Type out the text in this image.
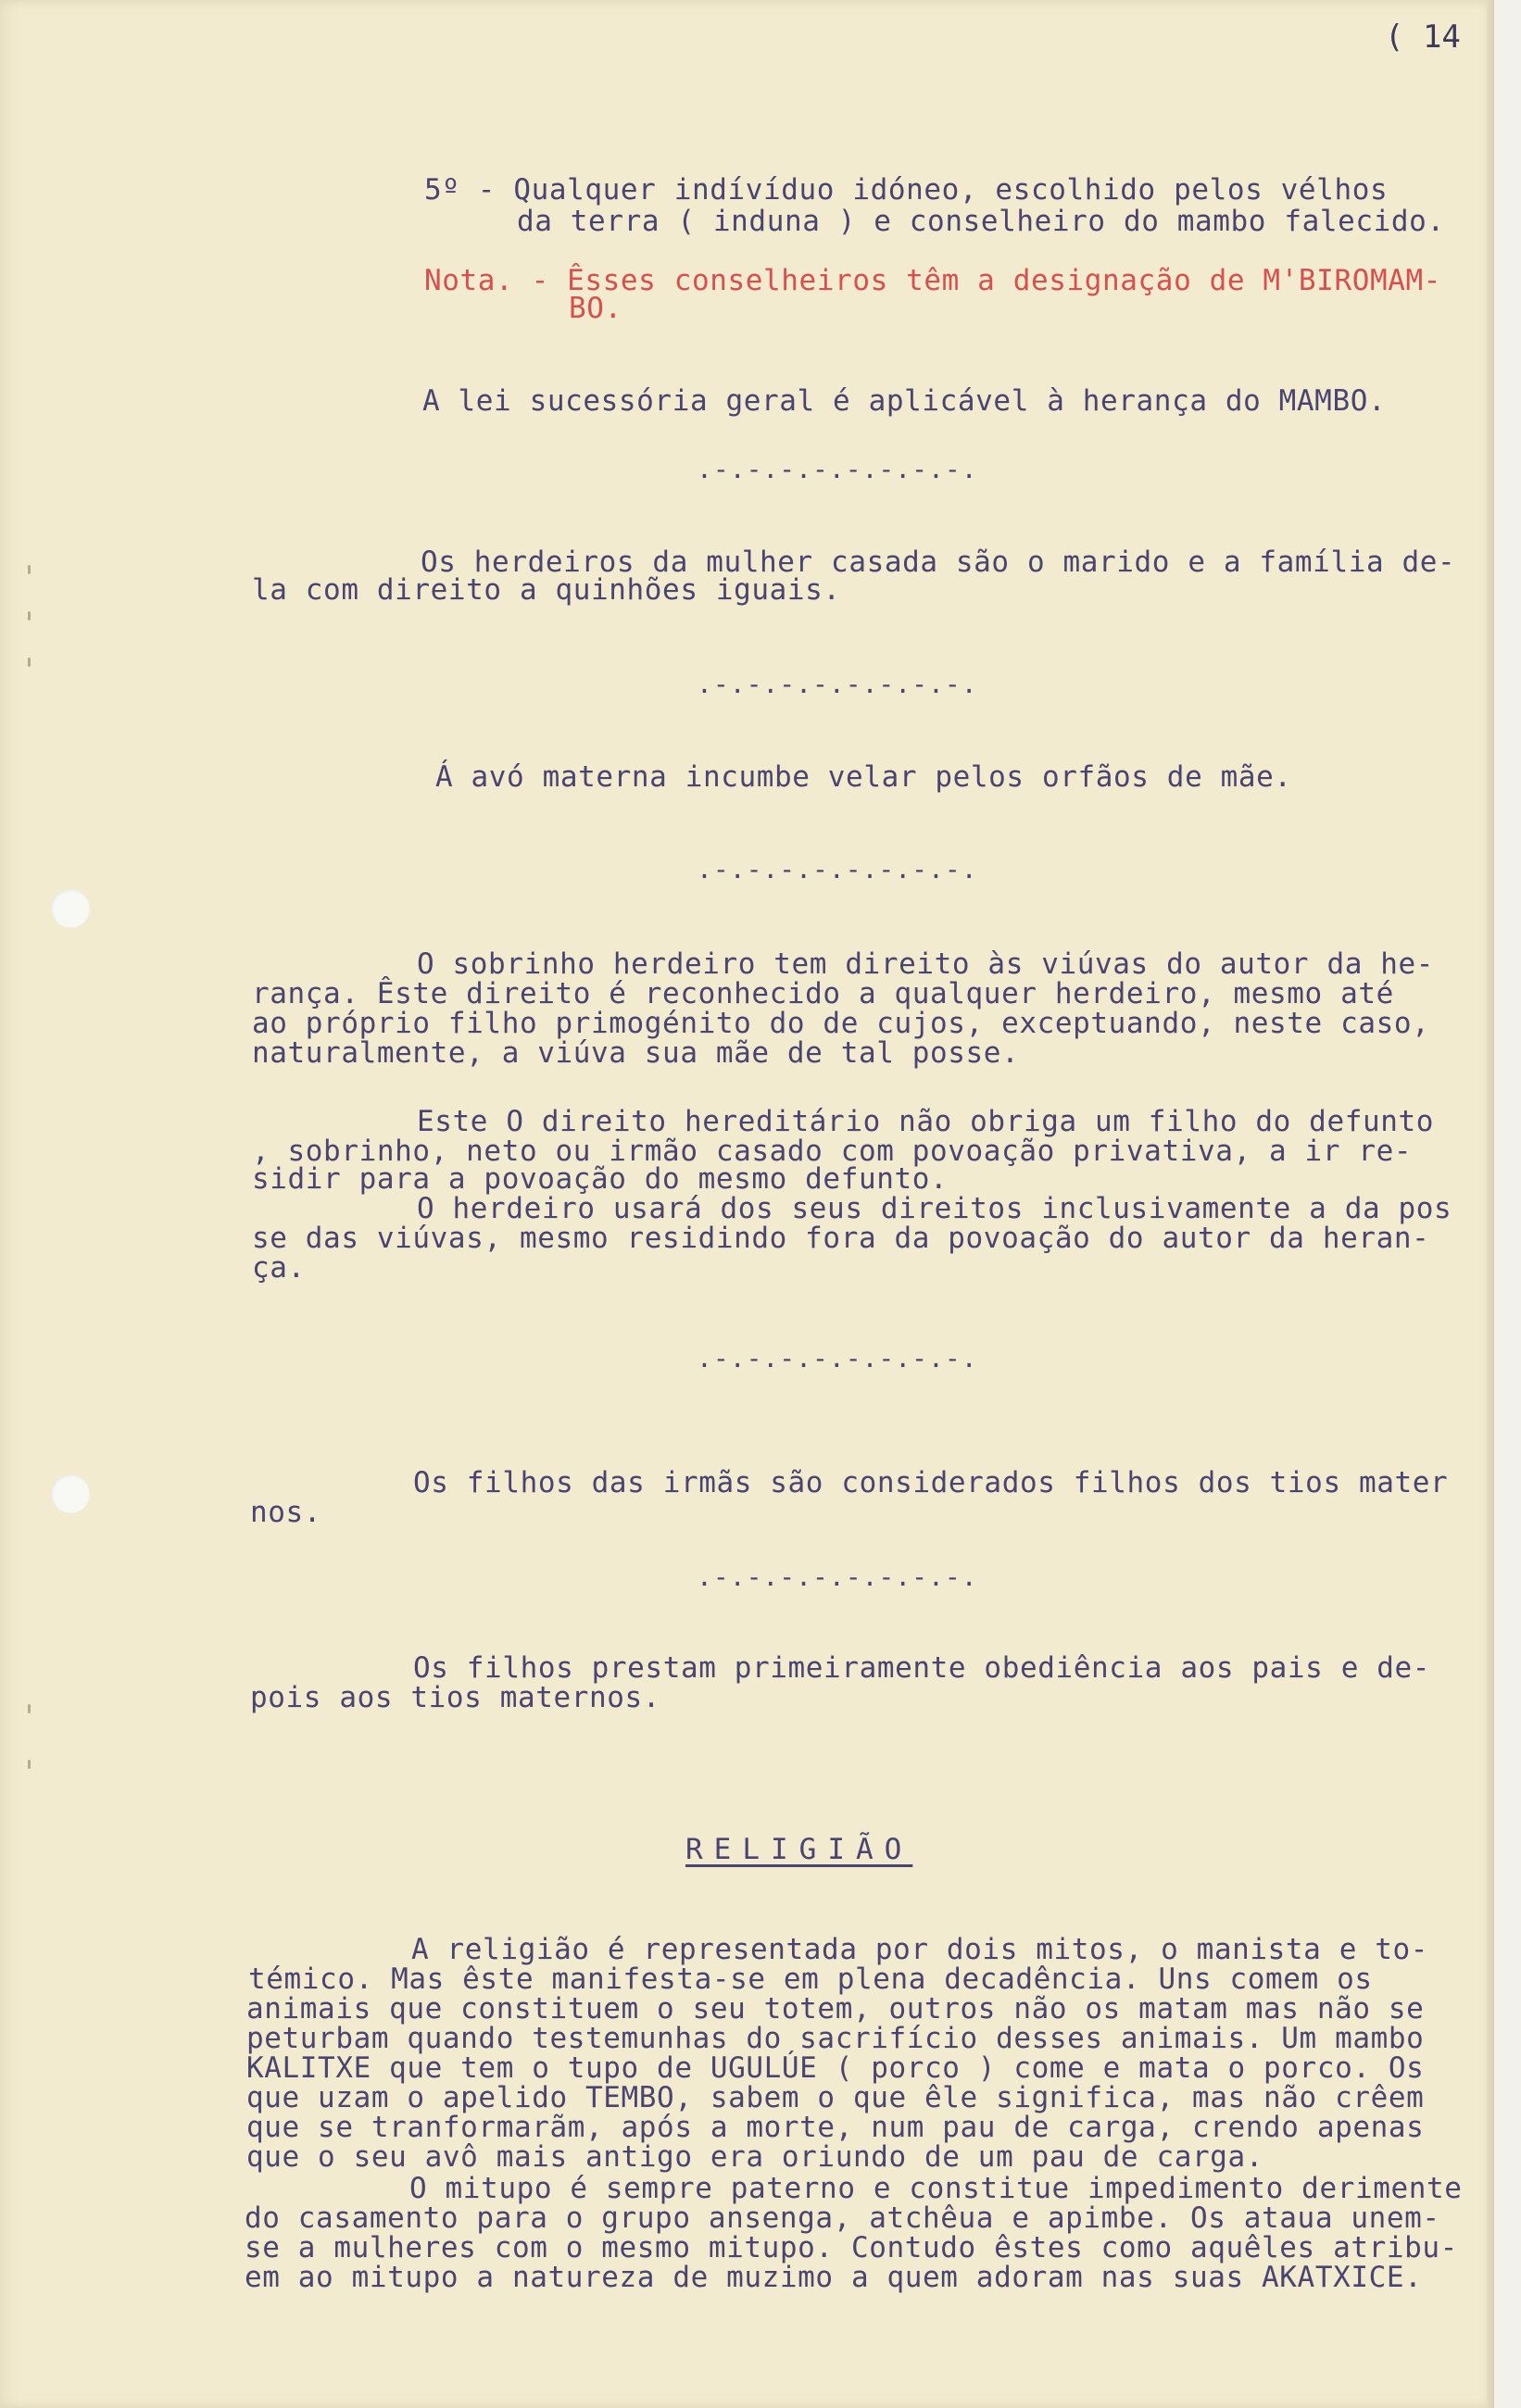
( 14
5º - Qualquer indívíduo idóneo, escolhido pelos vélhos
da terra ( induna ) e conselheiro do mambo falecido.
Nota. - Êsses conselheiros têm a designação de M'BIROMAM-
BO.
A lei sucessória geral é aplicável à herança do MAMBO.
.-.-.-.-.-.-.-.-.
Os herdeiros da mulher casada são o marido e a família de-
la com direito a quinhões iguais.
.-.-.-.-.-.-.-.-.
Á avó materna incumbe velar pelos orfãos de mãe.
.-.-.-.-.-.-.-.-.
O sobrinho herdeiro tem direito às viúvas do autor da he-
rança. Êste direito é reconhecido a qualquer herdeiro, mesmo até
ao próprio filho primogénito do de cujos, exceptuando, neste caso,
naturalmente, a viúva sua mãe de tal posse.
Este O direito hereditário não obriga um filho do defunto
, sobrinho, neto ou irmão casado com povoação privativa, a ir re-
sidir para a povoação do mesmo defunto.
O herdeiro usará dos seus direitos inclusivamente a da pos
se das viúvas, mesmo residindo fora da povoação do autor da heran-
ça.
.-.-.-.-.-.-.-.-.
Os filhos das irmãs são considerados filhos dos tios mater
nos.
.-.-.-.-.-.-.-.-.
Os filhos prestam primeiramente obediência aos pais e de-
pois aos tios maternos.
RELIGIÃO
A religião é representada por dois mitos, o manista e to-
témico. Mas êste manifesta-se em plena decadência. Uns comem os
animais que constituem o seu totem, outros não os matam mas não se
peturbam quando testemunhas do sacrifício desses animais. Um mambo
KALITXE que tem o tupo de UGULÚE ( porco ) come e mata o porco. Os
que uzam o apelido TEMBO, sabem o que êle significa, mas não crêem
que se tranformarãm, após a morte, num pau de carga, crendo apenas
que o seu avô mais antigo era oriundo de um pau de carga.
O mitupo é sempre paterno e constitue impedimento derimente
do casamento para o grupo ansenga, atchêua e apimbe. Os ataua unem-
se a mulheres com o mesmo mitupo. Contudo êstes como aquêles atribu-
em ao mitupo a natureza de muzimo a quem adoram nas suas AKATXICE.
